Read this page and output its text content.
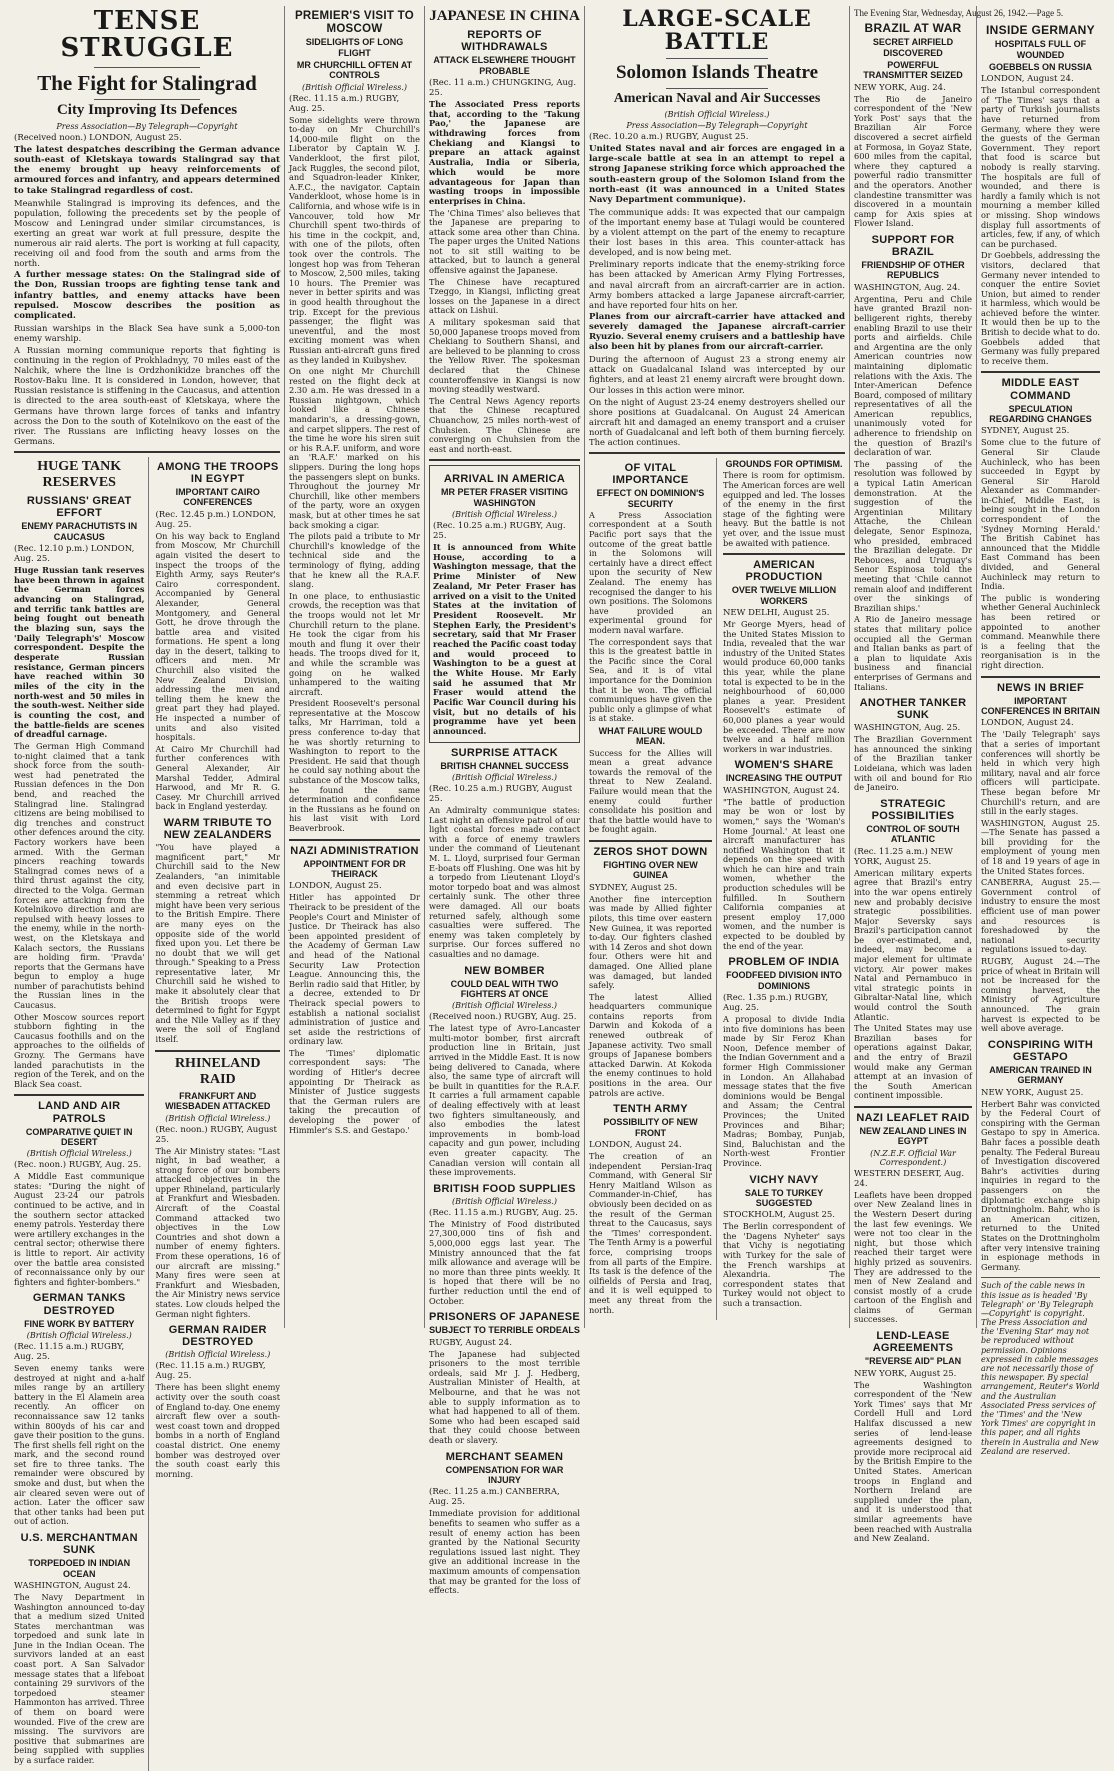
TENSE STRUGGLE
The Fight for Stalingrad
City Improving Its Defences
Press Association—By Telegraph—Copyright
(Received noon.) LONDON, August 25.
The latest despatches describing the German advance south-east of Kletskaya towards Stalingrad say that the enemy brought up heavy reinforcements of armoured forces and infantry, and appears determined to take Stalingrad regardless of cost.
Meanwhile Stalingrad is improving its defences, and the population, following the precedents set by the people of Moscow and Leningrad under similar circumstances, is exerting an great war work at full pressure, despite the numerous air raid alerts. The port is working at full capacity, receiving oil and food from the south and arms from the north.
A further message states: On the Stalingrad side of the Don, Russian troops are fighting tense tank and infantry battles, and enemy attacks have been repulsed. Moscow describes the position as complicated.
Russian warships in the Black Sea have sunk a 5,000-ton enemy warship.
A Russian morning communique reports that fighting is continuing in the region of Prokhladnyy, 70 miles east of the Nalchik, where the line is Ordzhonikidze branches off the Rostov-Baku line. It is considered in London, however, that Russian resistance is stiffening in the Caucasus, and attention is directed to the area south-east of Kletskaya, where the Germans have thrown large forces of tanks and infantry across the Don to the south of Kotelnikovo on the east of the river. The Russians are inflicting heavy losses on the Germans.
HUGE TANK RESERVES
RUSSIANS' GREAT EFFORT
ENEMY PARACHUTISTS IN CAUCASUS
(Rec. 12.10 p.m.) LONDON, Aug. 25.
Huge Russian tank reserves have been thrown in against the German forces advancing on Stalingrad, and terrific tank battles are being fought out beneath the blazing sun, says the 'Daily Telegraph's' Moscow correspondent. Despite the desperate Russian resistance, German pincers have reached within 30 miles of the city in the north-west and 50 miles in the south-west. Neither side is counting the cost, and the battle-fields are scenes of dreadful carnage.
The German High Command to-night claimed that a tank shock force from the south-west had penetrated the Russian defences in the Don bend, and reached the Stalingrad line. Stalingrad citizens are being mobilised to dig trenches and construct other defences around the city. Factory workers have been armed. With the German pincers reaching towards Stalingrad comes news of a third thrust against the city, directed to the Volga. German forces are attacking from the Kotelnikovo direction and are repulsed with heavy losses to the enemy, while in the north-west, on the Kletskaya and Kalach sectors, the Russians are holding firm. 'Pravda' reports that the Germans have begun to employ a huge number of parachutists behind the Russian lines in the Caucasus.
Other Moscow sources report stubborn fighting in the Caucasus foothills and on the approaches to the oilfields of Grozny. The Germans have landed parachutists in the region of the Terek, and on the Black Sea coast.
LAND AND AIR PATROLS
COMPARATIVE QUIET IN DESERT
(British Official Wireless.)
(Rec. noon.) RUGBY, Aug. 25.
A Middle East communique states: "During the night of August 23-24 our patrols continued to be active, and in the southern sector attacked enemy patrols. Yesterday there were artillery exchanges in the central sector; otherwise there is little to report. Air activity over the battle area consisted of reconnaissance only by our fighters and fighter-bombers."
GERMAN TANKS DESTROYED
FINE WORK BY BATTERY
(British Official Wireless.)
(Rec. 11.15 a.m.) RUGBY, Aug. 25.
Seven enemy tanks were destroyed at night and a-half miles range by an artillery battery in the El Alamein area recently. An officer on reconnaissance saw 12 tanks within 800yds of his car and gave their position to the guns. The first shells fell right on the mark, and the second round set fire to three tanks. The remainder were obscured by smoke and dust, but when the air cleared seven were out of action. Later the officer saw that other tanks had been put out of action.
U.S. MERCHANTMAN SUNK
TORPEDOED IN INDIAN OCEAN
WASHINGTON, August 24.
The Navy Department in Washington announced to-day that a medium sized United States merchantman was torpedoed and sunk late in June in the Indian Ocean. The survivors landed at an east coast port. A San Salvador message states that a lifeboat containing 29 survivors of the torpedoed steamer Hammonton has arrived. Three of them on board were wounded. Five of the crew are missing. The survivors are positive that submarines are being supplied with supplies by a surface raider.
AMONG THE TROOPS IN EGYPT
IMPORTANT CAIRO CONFERENCES
(Rec. 12.45 p.m.) LONDON, Aug. 25.
On his way back to England from Moscow, Mr Churchill again visited the desert to inspect the troops of the Eighth Army, says Reuter's Cairo correspondent. Accompanied by General Alexander, General Montgomery, and General Gott, he drove through the battle area and visited formations. He spent a long day in the desert, talking to officers and men. Mr Churchill also visited the New Zealand Division, addressing the men and telling them he knew the great part they had played. He inspected a number of units and also visited hospitals.
At Cairo Mr Churchill had further conferences with General Alexander, Air Marshal Tedder, Admiral Harwood, and Mr R. G. Casey. Mr Churchill arrived back in England yesterday.
WARM TRIBUTE TO NEW ZEALANDERS
"You have played a magnificent part," Mr Churchill said to the New Zealanders, "an inimitable and even decisive part in stemming a retreat which might have been very serious to the British Empire. There are many eyes on the opposite side of the world fixed upon you. Let there be no doubt that we will get through." Speaking to a Press representative later, Mr Churchill said he wished to make it absolutely clear that the British troops were determined to fight for Egypt and the Nile Valley as if they were the soil of England itself.
RHINELAND RAID
FRANKFURT AND WIESBADEN ATTACKED
(British Official Wireless.)
(Rec. noon.) RUGBY, August 25.
The Air Ministry states: "Last night, in bad weather, a strong force of our bombers attacked objectives in the upper Rhineland, particularly at Frankfurt and Wiesbaden. Aircraft of the Coastal Command attacked two objectives in the Low Countries and shot down a number of enemy fighters. From these operations, 16 of our aircraft are missing." Many fires were seen at Frankfurt and Wiesbaden, the Air Ministry news service states. Low clouds helped the German night fighters.
GERMAN RAIDER DESTROYED
(British Official Wireless.)
(Rec. 11.15 a.m.) RUGBY, Aug. 25.
There has been slight enemy activity over the south coast of England to-day. One enemy aircraft flew over a south-west coast town and dropped bombs in a north of England coastal district. One enemy bomber was destroyed over the south coast early this morning.
PREMIER'S VISIT TO MOSCOW
SIDELIGHTS OF LONG FLIGHT
MR CHURCHILL OFTEN AT CONTROLS
(British Official Wireless.)
(Rec. 11.15 a.m.) RUGBY, Aug. 25.
Some sidelights were thrown to-day on Mr Churchill's 14,000-mile flight on the Liberator by Captain W. J. Vanderkloot, the first pilot, Jack Ruggles, the second pilot, and Squadron-leader Kinker, A.F.C., the navigator. Captain Vanderkloot, whose home is in California, and whose wife is in Vancouver, told how Mr Churchill spent two-thirds of his time in the cockpit, and, with one of the pilots, often took over the controls. The longest hop was from Teheran to Moscow, 2,500 miles, taking 10 hours. The Premier was never in better spirits and was in good health throughout the trip. Except for the previous passenger, the flight was uneventful, and the most exciting moment was when Russian anti-aircraft guns fired as they landed in Kuibyshev.
On one night Mr Churchill rested on the flight deck at 2.30 a.m. He was dressed in a Russian nightgown, which looked like a Chinese mandarin's, a dressing-gown, and carpet slippers. The rest of the time he wore his siren suit or his R.A.F. uniform, and wore an 'R.A.F.' marked on his slippers. During the long hops the passengers slept on bunks. Throughout the journey Mr Churchill, like other members of the party, wore an oxygen mask, but at other times he sat back smoking a cigar.
The pilots paid a tribute to Mr Churchill's knowledge of the technical side and the terminology of flying, adding that he knew all the R.A.F. slang.
In one place, to enthusiastic crowds, the reception was that the troops would not let Mr Churchill return to the plane. He took the cigar from his mouth and flung it over their heads. The troops dived for it, and while the scramble was going on he walked unhampered to the waiting aircraft.
President Roosevelt's personal representative at the Moscow talks, Mr Harriman, told a press conference to-day that he was shortly returning to Washington to report to the President. He said that though he could say nothing about the substance of the Moscow talks, he found the same determination and confidence in the Russians as he found on his last visit with Lord Beaverbrook.
NAZI ADMINISTRATION
APPOINTMENT FOR DR THEIRACK
LONDON, August 25.
Hitler has appointed Dr Theirack to be president of the People's Court and Minister of Justice. Dr Theirack has also been appointed president of the Academy of German Law and head of the National Security Law Protection League. Announcing this, the Berlin radio said that Hitler, by a decree, extended to Dr Theirack special powers to establish a national socialist administration of justice and set aside the restrictions of ordinary law.
The 'Times' diplomatic correspondent says: 'The wording of Hitler's decree appointing Dr Theirack as Minister of Justice suggests that the German rulers are taking the precaution of developing the power of Himmler's S.S. and Gestapo.'
JAPANESE IN CHINA
REPORTS OF WITHDRAWALS
ATTACK ELSEWHERE THOUGHT PROBABLE
(Rec. 11 a.m.) CHUNGKING, Aug. 25.
The Associated Press reports that, according to the 'Takung Pao,' the Japanese are withdrawing forces from Chekiang and Kiangsi to prepare an attack against Australia, India or Siberia, which would be more advantageous for Japan than wasting troops in impossible enterprises in China.
The 'China Times' also believes that the Japanese are preparing to attack some area other than China. The paper urges the United Nations not to sit still waiting to be attacked, but to launch a general offensive against the Japanese.
The Chinese have recaptured Tzeggo, in Kiangsi, inflicting great losses on the Japanese in a direct attack on Lishui.
A military spokesman said that 50,000 Japanese troops moved from Chekiang to Southern Shansi, and are believed to be planning to cross the Yellow River. The spokesman declared that the Chinese counteroffensive in Kiangsi is now moving steadily westward.
The Central News Agency reports that the Chinese recaptured Chuanchow, 25 miles north-west of Chuhsien. The Chinese are converging on Chuhsien from the east and north-east.
ARRIVAL IN AMERICA
MR PETER FRASER VISITING WASHINGTON
(British Official Wireless.)
(Rec. 10.25 a.m.) RUGBY, Aug. 25.
It is announced from White House, according to a Washington message, that the Prime Minister of New Zealand, Mr Peter Fraser has arrived on a visit to the United States at the invitation of President Roosevelt. Mr Stephen Early, the President's secretary, said that Mr Fraser reached the Pacific coast today and would proceed to Washington to be a guest at the White House. Mr Early said he assumed that Mr Fraser would attend the Pacific War Council during his visit, but no details of his programme have yet been announced.
SURPRISE ATTACK
BRITISH CHANNEL SUCCESS
(British Official Wireless.)
(Rec. 10.25 a.m.) RUGBY, August 25.
An Admiralty communique states: Last night an offensive patrol of our light coastal forces made contact with a force of enemy trawlers under the command of Lieutenant M. L. Lloyd, surprised four German E-boats off Flushing. One was hit by a torpedo from Lieutenant Lloyd's motor torpedo boat and was almost certainly sunk. The other three were damaged. All our boats returned safely, although some casualties were suffered. The enemy was taken completely by surprise. Our forces suffered no casualties and no damage.
NEW BOMBER
COULD DEAL WITH TWO FIGHTERS AT ONCE
(British Official Wireless.)
(Received noon.) RUGBY, Aug. 25.
The latest type of Avro-Lancaster multi-motor bomber, first aircraft production line in Britain, just arrived in the Middle East. It is now being delivered to Canada, where also, the same type of aircraft will be built in quantities for the R.A.F. It carries a full armament capable of dealing effectively with at least two fighters simultaneously, and also embodies the latest improvements in bomb-load capacity and gun power, including even greater capacity. The Canadian version will contain all these improvements.
BRITISH FOOD SUPPLIES
(British Official Wireless.)
(Rec. 11.15 a.m.) RUGBY, Aug. 25.
The Ministry of Food distributed 27,300,000 tins of fish and 5,000,000 eggs last year. The Ministry announced that the fat milk allowance and average will be no more than three pints weekly. It is hoped that there will be no further reduction until the end of October.
PRISONERS OF JAPANESE
SUBJECT TO TERRIBLE ORDEALS
RUGBY, August 24.
The Japanese had subjected prisoners to the most terrible ordeals, said Mr J. J. Hedberg, Australian Minister of Health, at Melbourne, and that he was not able to supply information as to what had happened to all of them. Some who had been escaped said that they could choose between death or slavery.
MERCHANT SEAMEN
COMPENSATION FOR WAR INJURY
(Rec. 11.25 a.m.) CANBERRA, Aug. 25.
Immediate provision for additional benefits to seamen who suffer as a result of enemy action has been granted by the National Security regulations issued last night. They give an additional increase in the maximum amounts of compensation that may be granted for the loss of effects.
LARGE-SCALE BATTLE
Solomon Islands Theatre
American Naval and Air Successes
(British Official Wireless.)
Press Association—By Telegraph—Copyright
(Rec. 10.20 a.m.) RUGBY, August 25.
United States naval and air forces are engaged in a large-scale battle at sea in an attempt to repel a strong Japanese striking force which approached the south-eastern group of the Solomon Island from the north-east (it was announced in a United States Navy Department communique).
The communique adds: It was expected that our campaign of the important enemy base at Tulagi would be countered by a violent attempt on the part of the enemy to recapture their lost bases in this area. This counter-attack has developed, and is now being met.
Preliminary reports indicate that the enemy-striking force has been attacked by American Army Flying Fortresses, and naval aircraft from an aircraft-carrier are in action. Army bombers attacked a large Japanese aircraft-carrier, and have reported four hits on her.
Planes from our aircraft-carrier have attacked and severely damaged the Japanese aircraft-carrier Ryuzio. Several enemy cruisers and a battleship have also been hit by planes from our aircraft-carrier.
During the afternoon of August 23 a strong enemy air attack on Guadalcanal Island was intercepted by our fighters, and at least 21 enemy aircraft were brought down. Our losses in this action were minor.
On the night of August 23-24 enemy destroyers shelled our shore positions at Guadalcanal. On August 24 American aircraft hit and damaged an enemy transport and a cruiser north of Guadalcanal and left both of them burning fiercely. The action continues.
OF VITAL IMPORTANCE
EFFECT ON DOMINION'S SECURITY
A Press Association correspondent at a South Pacific port says that the outcome of the great battle in the Solomons will certainly have a direct effect upon the security of New Zealand. The enemy has recognised the danger to his own positions. The Solomons have provided an experimental ground for modern naval warfare.
The correspondent says that this is the greatest battle in the Pacific since the Coral Sea, and it is of vital importance for the Dominion that it be won. The official communiques have given the public only a glimpse of what is at stake.
WHAT FAILURE WOULD MEAN.
Success for the Allies will mean a great advance towards the removal of the threat to New Zealand. Failure would mean that the enemy could further consolidate his position and that the battle would have to be fought again.
ZEROS SHOT DOWN
FIGHTING OVER NEW GUINEA
SYDNEY, August 25.
Another fine interception was made by Allied fighter pilots, this time over eastern New Guinea, it was reported to-day. Our fighters clashed with 14 Zeros and shot down four. Others were hit and damaged. One Allied plane was damaged, but landed safely.
The latest Allied headquarters communique contains reports from Darwin and Kokoda of a renewed outbreak of Japanese activity. Two small groups of Japanese bombers attacked Darwin. At Kokoda the enemy continues to hold positions in the area. Our patrols are active.
TENTH ARMY
POSSIBILITY OF NEW FRONT
LONDON, August 24.
The creation of an independent Persian-Iraq Command, with General Sir Henry Maitland Wilson as Commander-in-Chief, has obviously been decided on as the result of the German threat to the Caucasus, says the 'Times' correspondent. The Tenth Army is a powerful force, comprising troops from all parts of the Empire. Its task is the defence of the oilfields of Persia and Iraq, and it is well equipped to meet any threat from the north.
GROUNDS FOR OPTIMISM.
There is room for optimism. The American forces are well equipped and led. The losses of the enemy in the first stage of the fighting were heavy. But the battle is not yet over, and the issue must be awaited with patience.
AMERICAN PRODUCTION
OVER TWELVE MILLION WORKERS
NEW DELHI, August 25.
Mr George Myers, head of the United States Mission to India, revealed that the war industry of the United States would produce 60,000 tanks this year, while the plane total is expected to be in the neighbourhood of 60,000 planes a year. President Roosevelt's estimate of 60,000 planes a year would be exceeded. There are now twelve and a half million workers in war industries.
WOMEN'S SHARE
INCREASING THE OUTPUT
WASHINGTON, August 24.
"The battle of production may be won or lost by women," says the 'Woman's Home Journal.' At least one aircraft manufacturer has notified Washington that it depends on the speed with which he can hire and train women, whether the production schedules will be fulfilled. In Southern California companies at present employ 17,000 women, and the number is expected to be doubled by the end of the year.
PROBLEM OF INDIA
FOODFEED DIVISION INTO DOMINIONS
(Rec. 1.35 p.m.) RUGBY, Aug. 25.
A proposal to divide India into five dominions has been made by Sir Feroz Khan Noon, Defence member of the Indian Government and a former High Commissioner in London. An Allahabad message states that the five dominions would be Bengal and Assam; the Central Provinces; the United Provinces and Bihar; Madras; Bombay, Punjab, Sind, Baluchistan and the North-west Frontier Province.
VICHY NAVY
SALE TO TURKEY SUGGESTED
STOCKHOLM, August 25.
The Berlin correspondent of the 'Dagens Nyheter' says that Vichy is negotiating with Turkey for the sale of the French warships at Alexandria. The correspondent states that Turkey would not object to such a transaction.
The Evening Star, Wednesday, August 26, 1942.—Page 5.
BRAZIL AT WAR
SECRET AIRFIELD DISCOVERED
POWERFUL TRANSMITTER SEIZED
NEW YORK, Aug. 24.
The Rio de Janeiro correspondent of the 'New York Post' says that the Brazilian Air Force discovered a secret airfield at Formosa, in Goyaz State, 600 miles from the capital, where they captured a powerful radio transmitter and the operators. Another clandestine transmitter was discovered in a mountain camp for Axis spies at Flower Island.
SUPPORT FOR BRAZIL
FRIENDSHIP OF OTHER REPUBLICS
WASHINGTON, Aug. 24.
Argentina, Peru and Chile have granted Brazil non-belligerent rights, thereby enabling Brazil to use their ports and airfields. Chile and Argentina are the only American countries now maintaining diplomatic relations with the Axis. The Inter-American Defence Board, composed of military representatives of all the American republics, unanimously voted for adherence to friendship on the question of Brazil's declaration of war.
The passing of the resolution was followed by a typical Latin American demonstration. At the suggestion of the Argentinian Military Attache, the Chilean delegate, Senor Espinoza, who presided, embraced the Brazilian delegate. Dr Rebouces, and Uruguay's Senor Espinosa told the meeting that 'Chile cannot remain aloof and indifferent over the sinkings of Brazilian ships.'
A Rio de Janeiro message states that military police occupied all the German and Italian banks as part of a plan to liquidate Axis business and financial enterprises of Germans and Italians.
ANOTHER TANKER SUNK
WASHINGTON, Aug. 25.
The Brazilian Government has announced the sinking of the Brazilian tanker Loideiana, which was laden with oil and bound for Rio de Janeiro.
STRATEGIC POSSIBILITIES
CONTROL OF SOUTH ATLANTIC
(Rec. 11.25 a.m.) NEW YORK, August 25.
American military experts agree that Brazil's entry into the war opens entirely new and probably decisive strategic possibilities. Major Seversky says Brazil's participation cannot be over-estimated, and, indeed, may become a major element for ultimate victory. Air power makes Natal and Pernambuco in vital strategic points in Gibraltar-Natal line, which would control the South Atlantic.
The United States may use Brazilian bases for operations against Dakar, and the entry of Brazil would make any German attempt at an invasion of the South American continent impossible.
NAZI LEAFLET RAID
NEW ZEALAND LINES IN EGYPT
(N.Z.E.F. Official War Correspondent.)
WESTERN DESERT, Aug. 24.
Leaflets have been dropped over New Zealand lines in the Western Desert during the last few evenings. We were not too clear in the night, but those which reached their target were highly prized as souvenirs. They are addressed to the men of New Zealand and consist mostly of a crude cartoon of the English and claims of German successes.
LEND-LEASE AGREEMENTS
"REVERSE AID" PLAN
NEW YORK, August 25.
The Washington correspondent of the 'New York Times' says that Mr Cordell Hull and Lord Halifax discussed a new series of lend-lease agreements designed to provide more reciprocal aid by the British Empire to the United States. American troops in England and Northern Ireland are supplied under the plan, and it is understood that similar agreements have been reached with Australia and New Zealand.
INSIDE GERMANY
HOSPITALS FULL OF WOUNDED
GOEBBELS ON RUSSIA
LONDON, August 24.
The Istanbul correspondent of 'The Times' says that a party of Turkish journalists have returned from Germany, where they were the guests of the German Government. They report that food is scarce but nobody is really starving. The hospitals are full of wounded, and there is hardly a family which is not mourning a member killed or missing. Shop windows display full assortments of articles, few, if any, of which can be purchased.
Dr Goebbels, addressing the visitors, declared that Germany never intended to conquer the entire Soviet Union, but aimed to render it harmless, which would be achieved before the winter. It would then be up to the British to decide what to do. Goebbels added that Germany was fully prepared to receive them.
MIDDLE EAST COMMAND
SPECULATION REGARDING CHANGES
SYDNEY, August 25.
Some clue to the future of General Sir Claude Auchinleck, who has been succeeded in Egypt by General Sir Harold Alexander as Commander-in-Chief, Middle East, is being sought in the London correspondent of the 'Sydney Morning Herald.' The British Cabinet has announced that the Middle East Command has been divided, and General Auchinleck may return to India.
The public is wondering whether General Auchinleck has been retired or appointed to another command. Meanwhile there is a feeling that the reorganisation is in the right direction.
NEWS IN BRIEF
IMPORTANT CONFERENCES IN BRITAIN
LONDON, August 24.
The 'Daily Telegraph' says that a series of important conferences will shortly be held in which very high military, naval and air force officers will participate. These began before Mr Churchill's return, and are still in the early stages.
WASHINGTON, August 25.—The Senate has passed a bill providing for the employment of young men of 18 and 19 years of age in the United States forces.
CANBERRA, August 25.—Government control of industry to ensure the most efficient use of man power and resources is foreshadowed by the national security regulations issued to-day.
RUGBY, August 24.—The price of wheat in Britain will not be increased for the coming harvest, the Ministry of Agriculture announced. The grain harvest is expected to be well above average.
CONSPIRING WITH GESTAPO
AMERICAN TRAINED IN GERMANY
NEW YORK, August 25.
Herbert Bahr was convicted by the Federal Court of conspiring with the German Gestapo to spy in America. Bahr faces a possible death penalty. The Federal Bureau of Investigation discovered Bahr's activities during inquiries in regard to the passengers on the diplomatic exchange ship Drottningholm. Bahr, who is an American citizen, returned to the United States on the Drottningholm after very intensive training in espionage methods in Germany.
Such of the cable news in this issue as is headed 'By Telegraph' or 'By Telegraph—Copyright' is copyright. The Press Association and the 'Evening Star' may not be reproduced without permission. Opinions expressed in cable messages are not necessarily those of this newspaper. By special arrangement, Reuter's World and the Australian Associated Press services of the 'Times' and the 'New York Times' are copyright in this paper, and all rights therein in Australia and New Zealand are reserved.
